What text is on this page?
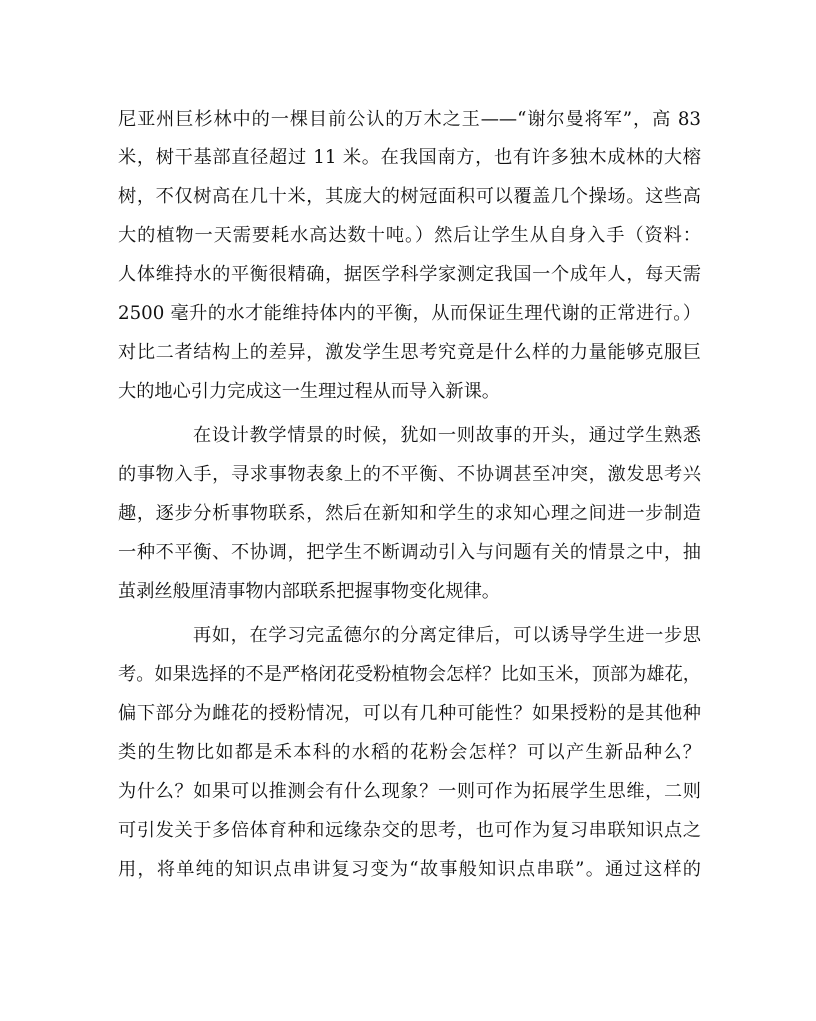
尼亚州巨杉林中的一棵目前公认的万木之王——“谢尔曼将军”，高 83
米，树干基部直径超过 11 米。在我国南方，也有许多独木成林的大榕
树，不仅树高在几十米，其庞大的树冠面积可以覆盖几个操场。这些高
大的植物一天需要耗水高达数十吨。）然后让学生从自身入手（资料：
人体维持水的平衡很精确，据医学科学家测定我国一个成年人，每天需
2500 毫升的水才能维持体内的平衡，从而保证生理代谢的正常进行。）
对比二者结构上的差异，激发学生思考究竟是什么样的力量能够克服巨
大的地心引力完成这一生理过程从而导入新课。
在设计教学情景的时候，犹如一则故事的开头，通过学生熟悉
的事物入手，寻求事物表象上的不平衡、不协调甚至冲突，激发思考兴
趣，逐步分析事物联系，然后在新知和学生的求知心理之间进一步制造
一种不平衡、不协调，把学生不断调动引入与问题有关的情景之中，抽
茧剥丝般厘清事物内部联系把握事物变化规律。
再如，在学习完孟德尔的分离定律后，可以诱导学生进一步思
考。如果选择的不是严格闭花受粉植物会怎样？比如玉米，顶部为雄花，
偏下部分为雌花的授粉情况，可以有几种可能性？如果授粉的是其他种
类的生物比如都是禾本科的水稻的花粉会怎样？可以产生新品种么？
为什么？如果可以推测会有什么现象？一则可作为拓展学生思维，二则
可引发关于多倍体育种和远缘杂交的思考，也可作为复习串联知识点之
用，将单纯的知识点串讲复习变为“故事般知识点串联”。通过这样的
